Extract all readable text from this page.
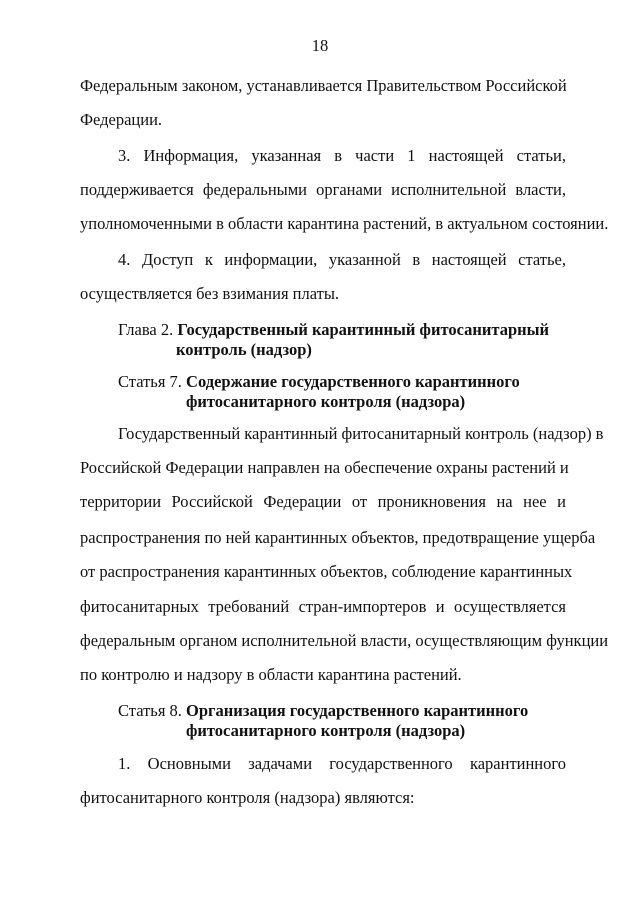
18
Федеральным законом, устанавливается Правительством Российской
Федерации.
3. Информация, указанная в части 1 настоящей статьи,
поддерживается федеральными органами исполнительной власти,
уполномоченными в области карантина растений, в актуальном состоянии.
4. Доступ к информации, указанной в настоящей статье,
осуществляется без взимания платы.
Глава 2. Государственный карантинный фитосанитарный
контроль (надзор)
Статья 7. Содержание государственного карантинного
фитосанитарного контроля (надзора)
Государственный карантинный фитосанитарный контроль (надзор) в
Российской Федерации направлен на обеспечение охраны растений и
территории Российской Федерации от проникновения на нее и
распространения по ней карантинных объектов, предотвращение ущерба
от распространения карантинных объектов, соблюдение карантинных
фитосанитарных требований стран-импортеров и осуществляется
федеральным органом исполнительной власти, осуществляющим функции
по контролю и надзору в области карантина растений.
Статья 8. Организация государственного карантинного
фитосанитарного контроля (надзора)
1. Основными задачами государственного карантинного
фитосанитарного контроля (надзора) являются:
